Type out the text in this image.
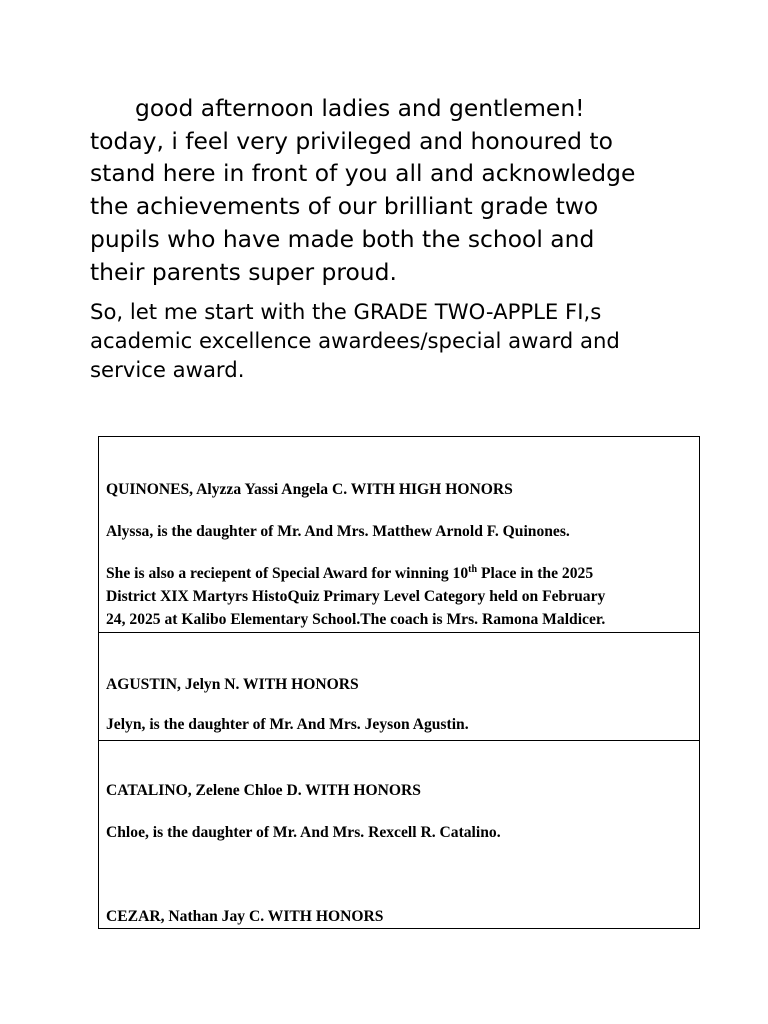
good afternoon ladies and gentlemen!
today, i feel very privileged and honoured to
stand here in front of you all and acknowledge
the achievements of our brilliant grade two
pupils who have made both the school and
their parents super proud.
So, let me start with the GRADE TWO-APPLE FI,s
academic excellence awardees/special award and
service award.
QUINONES, Alyzza Yassi Angela C. WITH HIGH HONORS
Alyssa, is the daughter of Mr. And Mrs. Matthew Arnold F. Quinones.
She is also a reciepent of Special Award for winning 10th Place in the 2025
District XIX Martyrs HistoQuiz Primary Level Category held on February
24, 2025 at Kalibo Elementary School.The coach is Mrs. Ramona Maldicer.
AGUSTIN, Jelyn N. WITH HONORS
Jelyn, is the daughter of Mr. And Mrs. Jeyson Agustin.
CATALINO, Zelene Chloe D. WITH HONORS
Chloe, is the daughter of Mr. And Mrs. Rexcell R. Catalino.
CEZAR, Nathan Jay C. WITH HONORS
